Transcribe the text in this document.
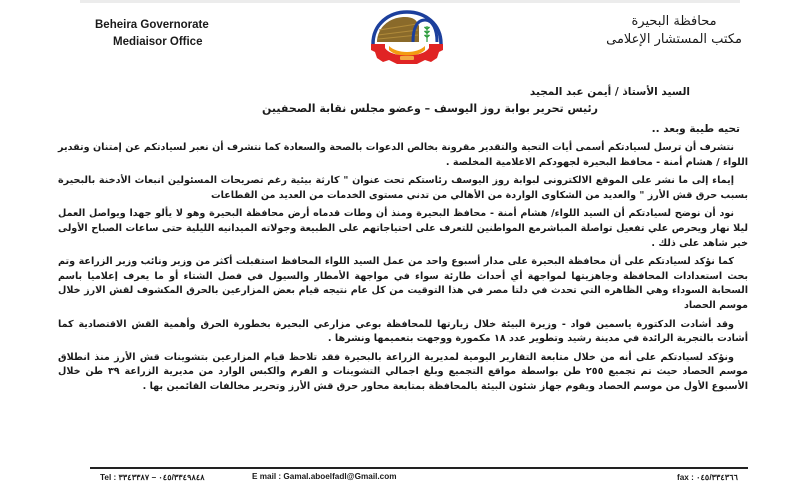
Beheira Governorate
Mediaisor Office
محافظة البحيرة
مكتب المستشار الإعلامى
السيد الأستاذ / أيمن عبد المجيد
رئيس تحرير بوابة روز اليوسف – وعضو مجلس نقابة الصحفيين
تحيه طيبة وبعد ..

نتشرف أن ترسل لسيادتكم أسمى أيات التحية والتقدير مقرونة بخالص الدعوات بالصحة والسعادة كما نتشرف أن نعبر لسيادتكم عن إمتنان وتقدير اللواء / هشام أمنة - محافظ البحيرة لجهودكم الاعلامية المخلصة .

إيماء إلى ما نشر على الموقع الالكترونى لبوابة روز اليوسف رئاستكم تحت عنوان " كارثة بيئية رغم تصريحات المسئولين انبعاث الأدخنة بالبحيرة بسبب حرق قش الأرز " والعديد من الشكاوى الواردة من الأهالي من تدني مستوى الخدمات من العديد من القطاعات

نود أن نوضح لسيادتكم أن السيد اللواء/ هشام أمنة - محافظ البحيرة ومنذ أن وطات قدماه أرض محافظة البحيرة وهو لا يألو جهدا ويواصل العمل ليلا نهار ويحرص علي تفعيل تواصلة المباشرمع المواطنين للتعرف على احتياجاتهم على الطبيعة وجولاته الميدانيه الليلية حتى ساعات الصباح الأولى خير شاهد على ذلك .

كما نؤكد لسيادتكم على أن محافظة البحيرة على مدار أسبوع واحد من عمل السيد اللواء المحافظ استقبلت أكثر من وزير ونائب وزير الزراعة وتم بحث استعدادات المحافظة وجاهزيتها لمواجهة أي أحداث طارئة سواء في مواجهة الأمطار والسيول في فصل الشتاء أو ما يعرف إعلاميا باسم السحابة السوداء وهي الظاهره التي تحدث في دلتا مصر في هذا التوقيت من كل عام نتيجه قيام بعض المزارعين بالحرق المكشوف لقش الارز خلال موسم الحصاد

وقد أشادت الدكتورة ياسمين فواد - وزيرة البيئة خلال زيارتها للمحافظة بوعي مزارعي البحيرة بخطورة الحرق وأهمية القش الاقتصادية كما أشادت بالتجربة الرائدة في مدينة رشيد وتطوير عدد ١٨ مكمورة ووجهت بتعميمها ونشرها .

ونؤكد لسيادتكم على أنه من خلال متابعة التقارير اليومية لمديرية الزراعة بالبحيرة فقد تلاحظ قيام المزارعين بتشوينات قش الأرز منذ انطلاق موسم الحصاد حيث تم تجميع ٢٥٥ طن بواسطة مواقع التجميع وبلغ اجمالي التشوينات و الفرم والكبس الوارد من مديرية الزراعة ٣٩ طن خلال الأسبوع الأول من موسم الحصاد ويقوم جهاز شئون البيئة بالمحافظة بمتابعة محاور حرق قش الأرز وتحرير مخالفات القائمين بها .

Tel : ٠٤٥/٣٣٤٩٨٤٨ – ٣٣٤٣٣٨٧	E mail : Gamal.aboelfadl@Gmail.com	fax : ٠٤٥/٣٣٤٣٦٦
